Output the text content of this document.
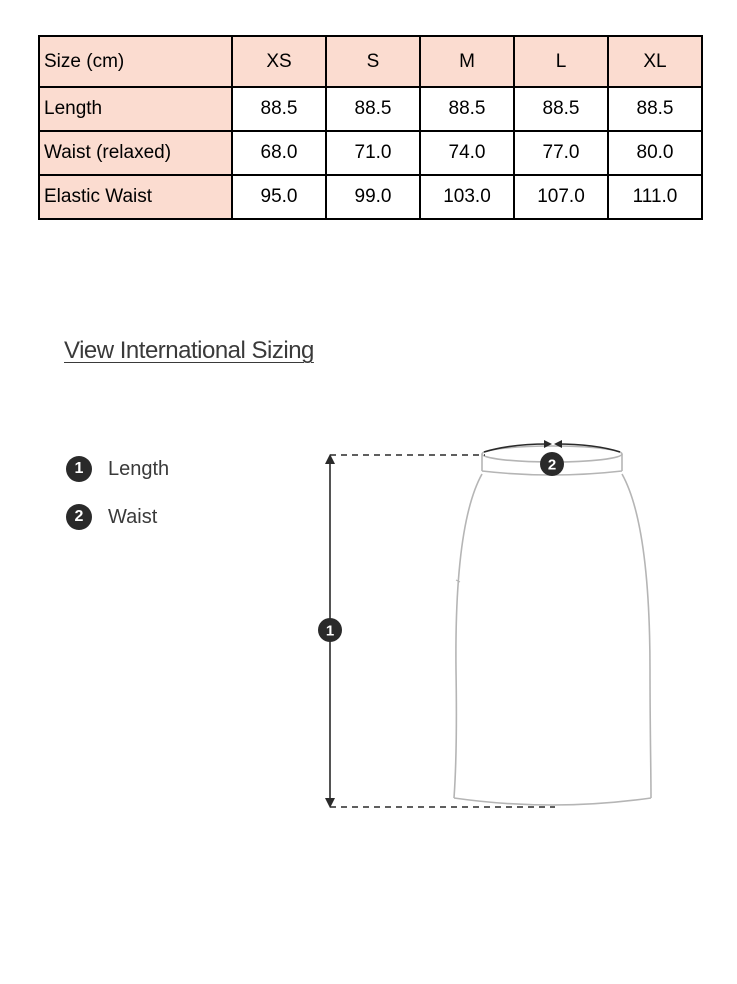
Size (cm)	XS	S	M	L	XL
Length	88.5	88.5	88.5	88.5	88.5
Waist (relaxed)	68.0	71.0	74.0	77.0	80.0
Elastic Waist	95.0	99.0	103.0	107.0	111.0
View International Sizing
1	Length
2	Waist
1
2
